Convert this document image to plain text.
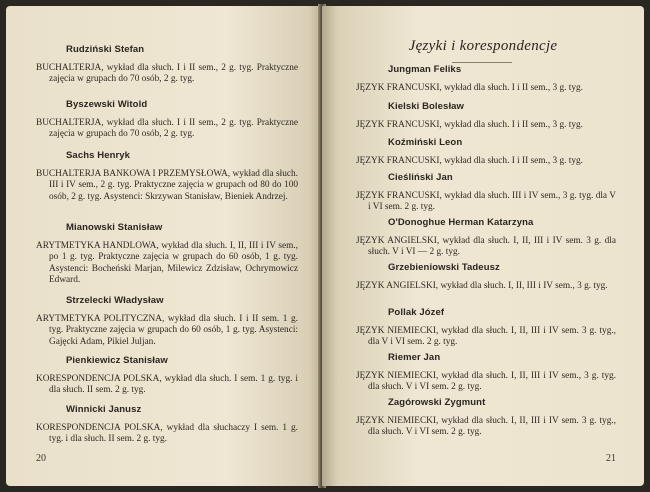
Rudziński Stefan
BUCHALTERJA, wykład dla słuch. I i II sem., 2 g. tyg. Praktyczne zajęcia w grupach do 70 osób, 2 g. tyg.
Byszewski Witold
BUCHALTERJA, wykład dla słuch. I i II sem., 2 g. tyg. Praktyczne zajęcia w grupach do 70 osób, 2 g. tyg.
Sachs Henryk
BUCHALTERJA BANKOWA I PRZEMYSŁOWA, wykład dla słuch. III i IV sem., 2 g. tyg. Praktyczne zajęcia w grupach od 80 do 100 osób, 2 g. tyg. Asystenci: Skrzywan Stanisław, Bieniek Andrzej.
Mianowski Stanisław
ARYTMETYKA HANDLOWA, wykład dla słuch. I, II, III i IV sem., po 1 g. tyg. Praktyczne zajęcia w grupach do 60 osób, 1 g. tyg. Asystenci: Bocheński Marjan, Milewicz Zdzisław, Ochrymowicz Edward.
Strzelecki Władysław
ARYTMETYKA POLITYCZNA, wykład dla słuch. I i II sem. 1 g. tyg. Praktyczne zajęcia w grupach do 60 osób, 1 g. tyg. Asystenci: Gajęcki Adam, Pikiel Juljan.
Pienkiewicz Stanisław
KORESPONDENCJA POLSKA, wykład dla słuch. I sem. 1 g. tyg. i dla słuch. II sem. 2 g. tyg.
Winnicki Janusz
KORESPONDENCJA POLSKA, wykład dla słuchaczy I sem. 1 g. tyg. i dla słuch. II sem. 2 g. tyg.
20
Języki i korespondencje
Jungman Feliks
JĘZYK FRANCUSKI, wykład dla słuch. I i II sem., 3 g. tyg.
Kielski Bolesław
JĘZYK FRANCUSKI, wykład dla słuch. I i II sem., 3 g. tyg.
Koźmiński Leon
JĘZYK FRANCUSKI, wykład dla słuch. I i II sem., 3 g. tyg.
Cieśliński Jan
JĘZYK FRANCUSKI, wykład dla słuch. III i IV sem., 3 g. tyg. dla V i VI sem. 2 g. tyg.
O'Donoghue Herman Katarzyna
JĘZYK ANGIELSKI, wykład dla słuch. I, II, III i IV sem. 3 g. dla słuch. V i VI — 2 g. tyg.
Grzebieniowski Tadeusz
JĘZYK ANGIELSKI, wykład dla słuch. I, II, III i IV sem., 3 g. tyg.
Pollak Józef
JĘZYK NIEMIECKI, wykład dla słuch. I, II, III i IV sem. 3 g. tyg., dla V i VI sem. 2 g. tyg.
Riemer Jan
JĘZYK NIEMIECKI, wykład dla słuch. I, II, III i IV sem., 3 g. tyg. dla słuch. V i VI sem. 2 g. tyg.
Zagórowski Zygmunt
JĘZYK NIEMIECKI, wykład dla słuch. I, II, III i IV sem. 3 g. tyg., dla słuch. V i VI sem. 2 g. tyg.
21
